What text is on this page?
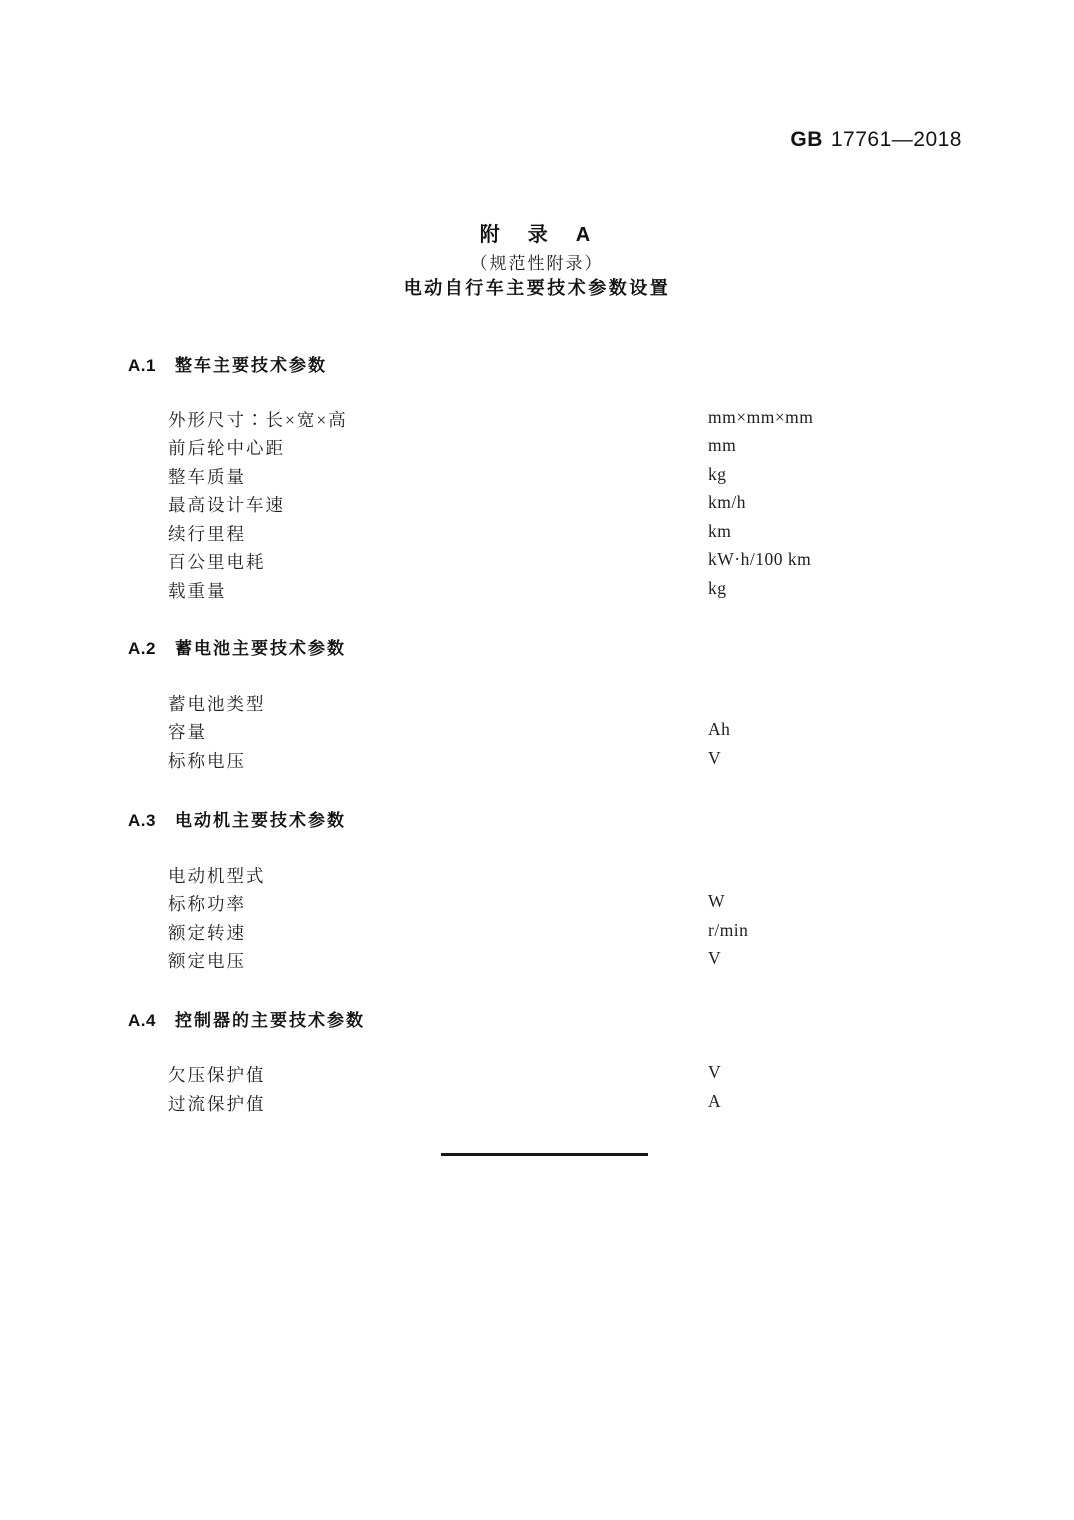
GB 17761—2018
附　录　A
（规范性附录）
电动自行车主要技术参数设置
A.1 整车主要技术参数
外形尺寸∶长×宽×高	mm×mm×mm
前后轮中心距	mm
整车质量	kg
最高设计车速	km/h
续行里程	km
百公里电耗	kW·h/100 km
载重量	kg
A.2 蓄电池主要技术参数
蓄电池类型
容量	Ah
标称电压	V
A.3 电动机主要技术参数
电动机型式
标称功率	W
额定转速	r/min
额定电压	V
A.4 控制器的主要技术参数
欠压保护值	V
过流保护值	A
